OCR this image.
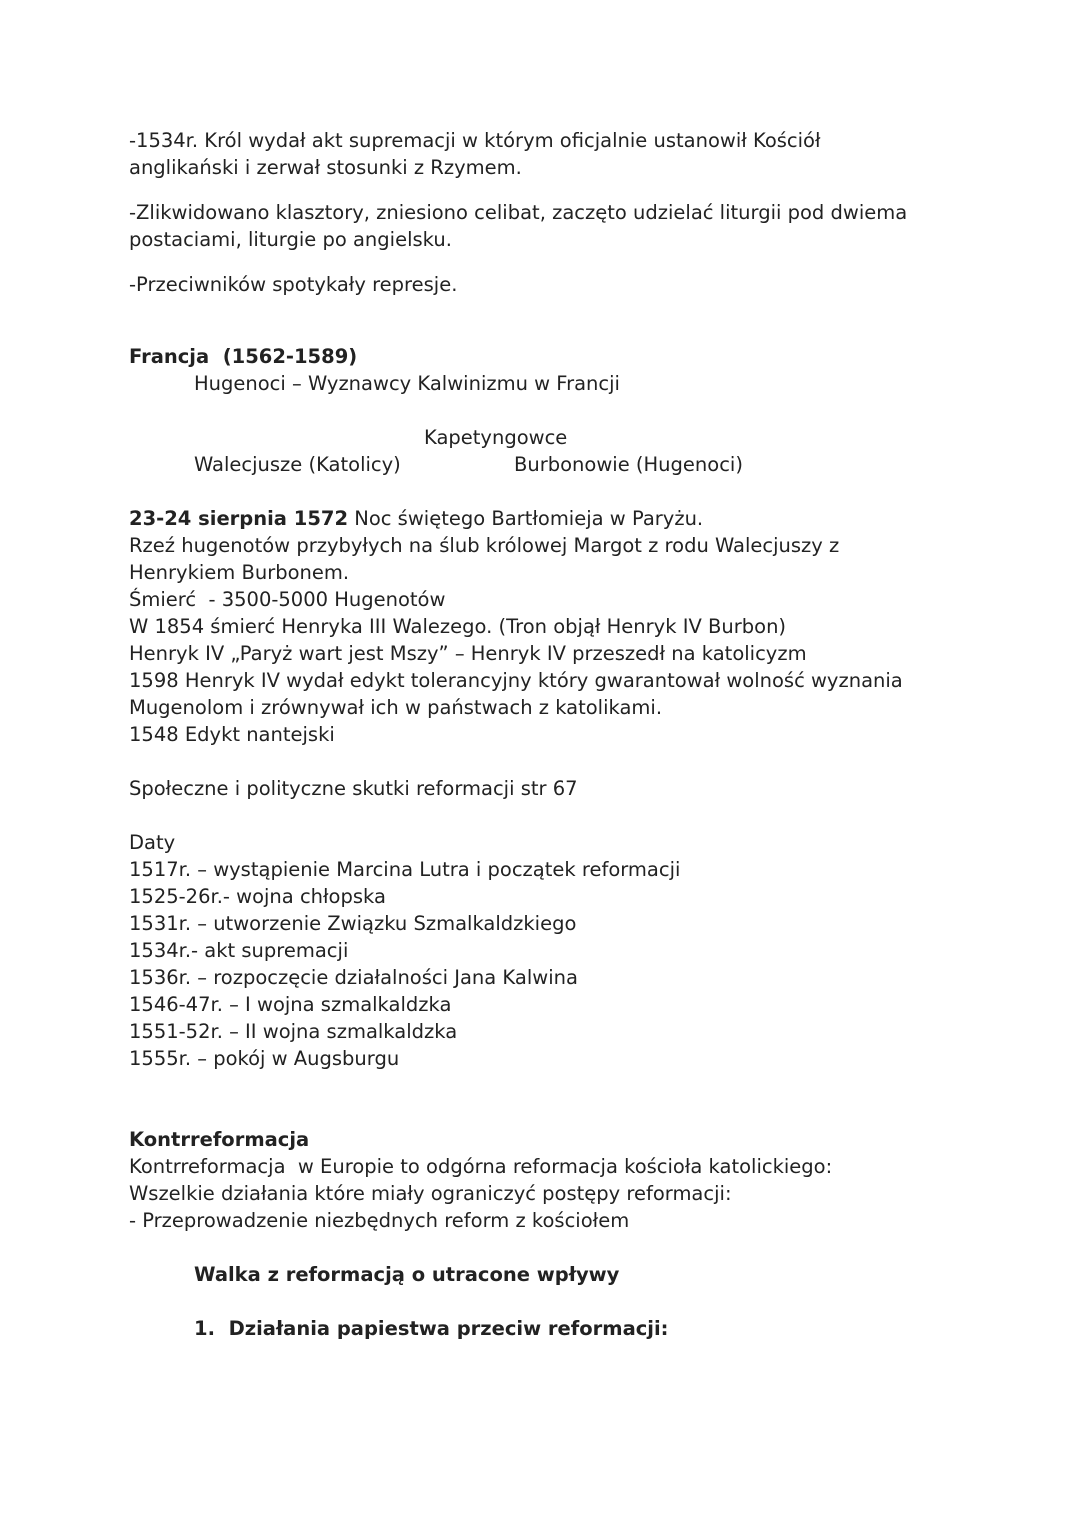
-1534r. Król wydał akt supremacji w którym oficjalnie ustanowił Kościół
anglikański i zerwał stosunki z Rzymem.

-Zlikwidowano klasztory, zniesiono celibat, zaczęto udzielać liturgii pod dwiema
postaciami, liturgie po angielsku.

-Przeciwników spotykały represje.

Francja  (1562-1589)

Hugenoci – Wyznawcy Kalwinizmu w Francji

Kapetyngowce
Walecjusze (Katolicy)	Burbonowie (Hugenoci)

23-24 sierpnia 1572 Noc świętego Bartłomieja w Paryżu.

Rzeź hugenotów przybyłych na ślub królowej Margot z rodu Walecjuszy z

Henrykiem Burbonem.

Śmierć  - 3500-5000 Hugenotów

W 1854 śmierć Henryka III Walezego. (Tron objął Henryk IV Burbon)

Henryk IV „Paryż wart jest Mszy” – Henryk IV przeszedł na katolicyzm

1598 Henryk IV wydał edykt tolerancyjny który gwarantował wolność wyznania

Mugenolom i zrównywał ich w państwach z katolikami.

1548 Edykt nantejski

Społeczne i polityczne skutki reformacji str 67

Daty

1517r. – wystąpienie Marcina Lutra i początek reformacji

1525-26r.- wojna chłopska

1531r. – utworzenie Związku Szmalkaldzkiego

1534r.- akt supremacji

1536r. – rozpoczęcie działalności Jana Kalwina

1546-47r. – I wojna szmalkaldzka

1551-52r. – II wojna szmalkaldzka

1555r. – pokój w Augsburgu

Kontrreformacja

Kontrreformacja  w Europie to odgórna reformacja kościoła katolickiego:

Wszelkie działania które miały ograniczyć postępy reformacji:

- Przeprowadzenie niezbędnych reform z kościołem

Walka z reformacją o utracone wpływy

1. Działania papiestwa przeciw reformacji:
